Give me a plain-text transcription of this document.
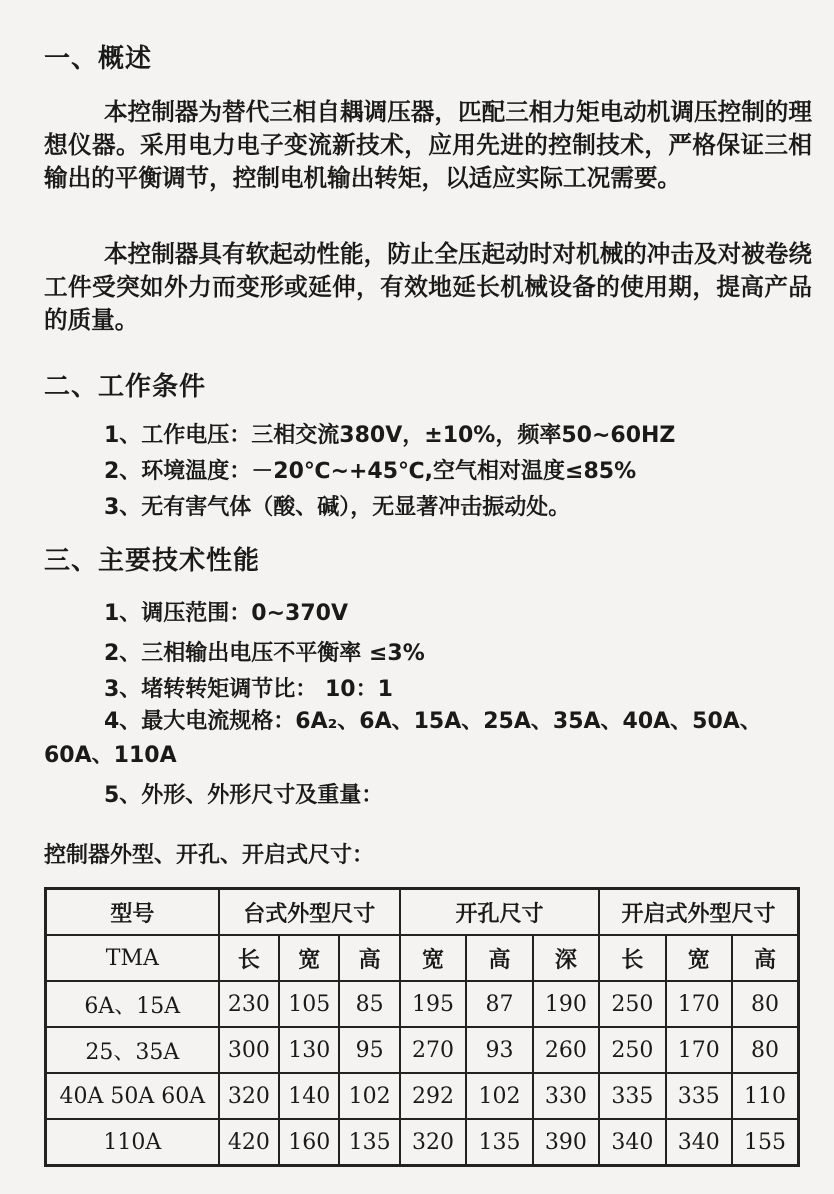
一、概述

本控制器为替代三相自耦调压器，匹配三相力矩电动机调压控制的理想仪器。采用电力电子变流新技术，应用先进的控制技术，严格保证三相输出的平衡调节，控制电机输出转矩，以适应实际工况需要。

本控制器具有软起动性能，防止全压起动时对机械的冲击及对被卷绕工件受突如外力而变形或延伸，有效地延长机械设备的使用期，提高产品的质量。

二、工作条件

1、工作电压：三相交流380V，±10%，频率50~60HZ

2、环境温度：－20℃~+45℃,空气相对温度≤85%

3、无有害气体（酸、碱），无显著冲击振动处。

三、主要技术性能

1、调压范围：0~370V

2、三相输出电压不平衡率 ≤3%

3、堵转转矩调节比： 10：1

4、最大电流规格：6A₂、6A、15A、25A、35A、40A、50A、60A、110A

5、外形、外形尺寸及重量：

控制器外型、开孔、开启式尺寸：

型号	台式外型尺寸			开孔尺寸			开启式外型尺寸		
TMA	长	宽	高	宽	高	深	长	宽	高
6A、15A	230	105	85	195	87	190	250	170	80
25、35A	300	130	95	270	93	260	250	170	80
40A 50A 60A	320	140	102	292	102	330	335	335	110
110A	420	160	135	320	135	390	340	340	155
